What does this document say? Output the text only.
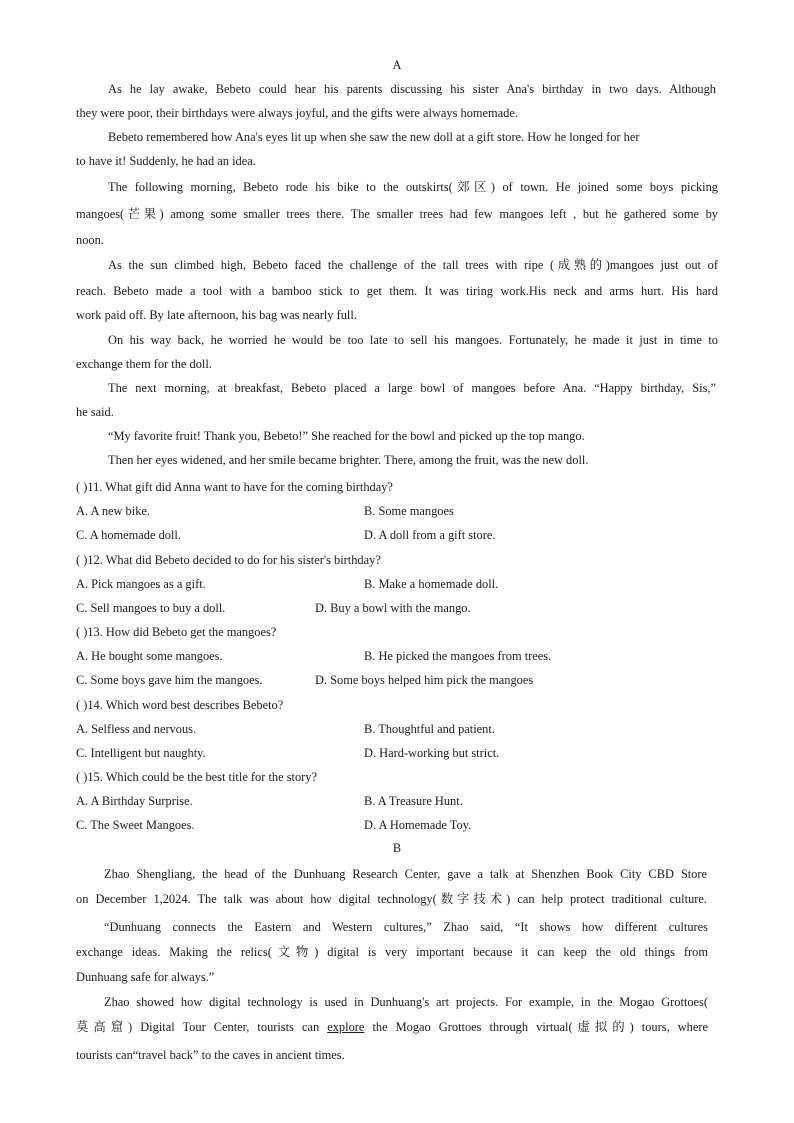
A
As he lay awake, Bebeto could hear his parents discussing his sister Ana's birthday in two days. Although
they were poor, their birthdays were always joyful, and the gifts were always homemade.
Bebeto remembered how Ana's eyes lit up when she saw the new doll at a gift store. How he longed for her
to have it! Suddenly, he had an idea.
The following morning, Bebeto rode his bike to the outskirts(郊区) of town. He joined some boys picking
mangoes(芒果) among some smaller trees there. The smaller trees had few mangoes left , but he gathered some by
noon.
As the sun climbed high, Bebeto faced the challenge of the tall trees with ripe (成熟的)mangoes just out of
reach. Bebeto made a tool with a bamboo stick to get them. It was tiring work.His neck and arms hurt. His hard
work paid off. By late afternoon, his bag was nearly full.
On his way back, he worried he would be too late to sell his mangoes. Fortunately, he made it just in time to
exchange them for the doll.
The next morning, at breakfast, Bebeto placed a large bowl of mangoes before Ana. “Happy birthday, Sis,”
he said.
“My favorite fruit! Thank you, Bebeto!” She reached for the bowl and picked up the top mango.
Then her eyes widened, and her smile became brighter. There, among the fruit, was the new doll.
( )11. What gift did Anna want to have for the coming birthday?
A. A new bike.	B. Some mangoes
C. A homemade doll.	D. A doll from a gift store.
( )12. What did Bebeto decided to do for his sister's birthday?
A. Pick mangoes as a gift.	B. Make a homemade doll.
C. Sell mangoes to buy a doll.	D. Buy a bowl with the mango.
( )13. How did Bebeto get the mangoes?
A. He bought some mangoes.	B. He picked the mangoes from trees.
C. Some boys gave him the mangoes.	D. Some boys helped him pick the mangoes
( )14. Which word best describes Bebeto?
A. Selfless and nervous.	B. Thoughtful and patient.
C. Intelligent but naughty.	D. Hard-working but strict.
( )15. Which could be the best title for the story?
A. A Birthday Surprise.	B. A Treasure Hunt.
C. The Sweet Mangoes.	D. A Homemade Toy.
B
Zhao Shengliang, the head of the Dunhuang Research Center, gave a talk at Shenzhen Book City CBD Store
on December 1,2024. The talk was about how digital technology(数字技术) can help protect traditional culture.
“Dunhuang connects the Eastern and Western cultures,” Zhao said, “It shows how different cultures
exchange ideas. Making the relics(文物) digital is very important because it can keep the old things from
Dunhuang safe for always.”
Zhao showed how digital technology is used in Dunhuang's art projects. For example, in the Mogao Grottoes(
莫高窟) Digital Tour Center, tourists can explore the Mogao Grottoes through virtual(虚拟的) tours, where
tourists can“travel back” to the caves in ancient times.
